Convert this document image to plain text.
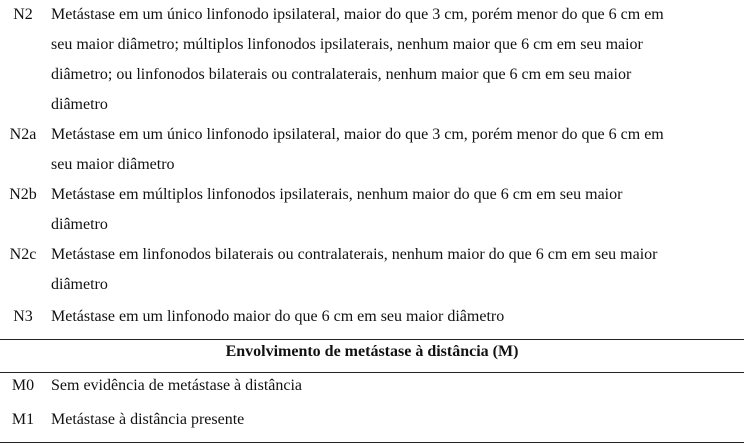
N2	Metástase em um único linfonodo ipsilateral, maior do que 3 cm, porém menor do que 6 cm em
seu maior diâmetro; múltiplos linfonodos ipsilaterais, nenhum maior que 6 cm em seu maior
diâmetro; ou linfonodos bilaterais ou contralaterais, nenhum maior que 6 cm em seu maior
diâmetro
N2a Metástase em um único linfonodo ipsilateral, maior do que 3 cm, porém menor do que 6 cm em
seu maior diâmetro
N2b Metástase em múltiplos linfonodos ipsilaterais, nenhum maior do que 6 cm em seu maior
diâmetro
N2c Metástase em linfonodos bilaterais ou contralaterais, nenhum maior do que 6 cm em seu maior
diâmetro
N3	Metástase em um linfonodo maior do que 6 cm em seu maior diâmetro
Envolvimento de metástase à distância (M)
M0	Sem evidência de metástase à distância
M1	Metástase à distância presente
